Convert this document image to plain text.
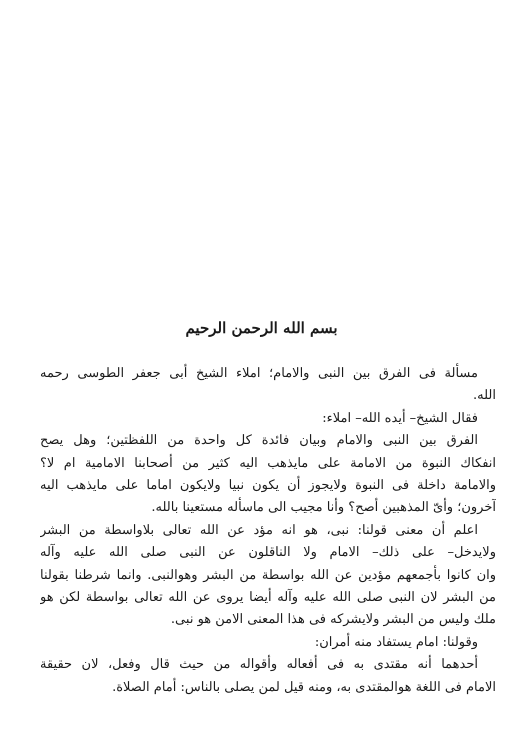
بسم الله الرحمن الرحيم
مسألة فى الفرق بين النبى والامام؛ املاء الشيخ أبى جعفر الطوسى رحمه
الله.
فقال الشيخ– أيده الله– املاء:
الفرق بين النبى والامام وبيان فائدة كل واحدة من اللفظتين؛ وهل يصح
انفكاك النبوة من الامامة على مايذهب اليه كثير من أصحابنا الامامية ام لا؟
والامامة داخلة فى النبوة ولايجوز أن يكون نبيا ولايكون اماما على مايذهب اليه
آخرون؛ وأىّ المذهبين أصح؟ وأنا مجيب الى ماسأله مستعينا بالله.
اعلم أن معنى قولنا: نبى، هو انه مؤد عن الله تعالى بلاواسطة من البشر
ولايدخل– على ذلك– الامام ولا الناقلون عن النبى صلى الله عليه وآله
وان كانوا بأجمعهم مؤدين عن الله بواسطة من البشر وهوالنبى. وانما شرطنا بقولنا
من البشر لان النبى صلى الله عليه وآله أيضا يروى عن الله تعالى بواسطة لكن هو
ملك وليس من البشر ولايشركه فى هذا المعنى الامن هو نبى.
وقولنا: امام يستفاد منه أمران:
أحدهما أنه مقتدى به فى أفعاله وأقواله من حيث قال وفعل، لان حقيقة
الامام فى اللغة هوالمقتدى به، ومنه قيل لمن يصلى بالناس: أمام الصلاة.
